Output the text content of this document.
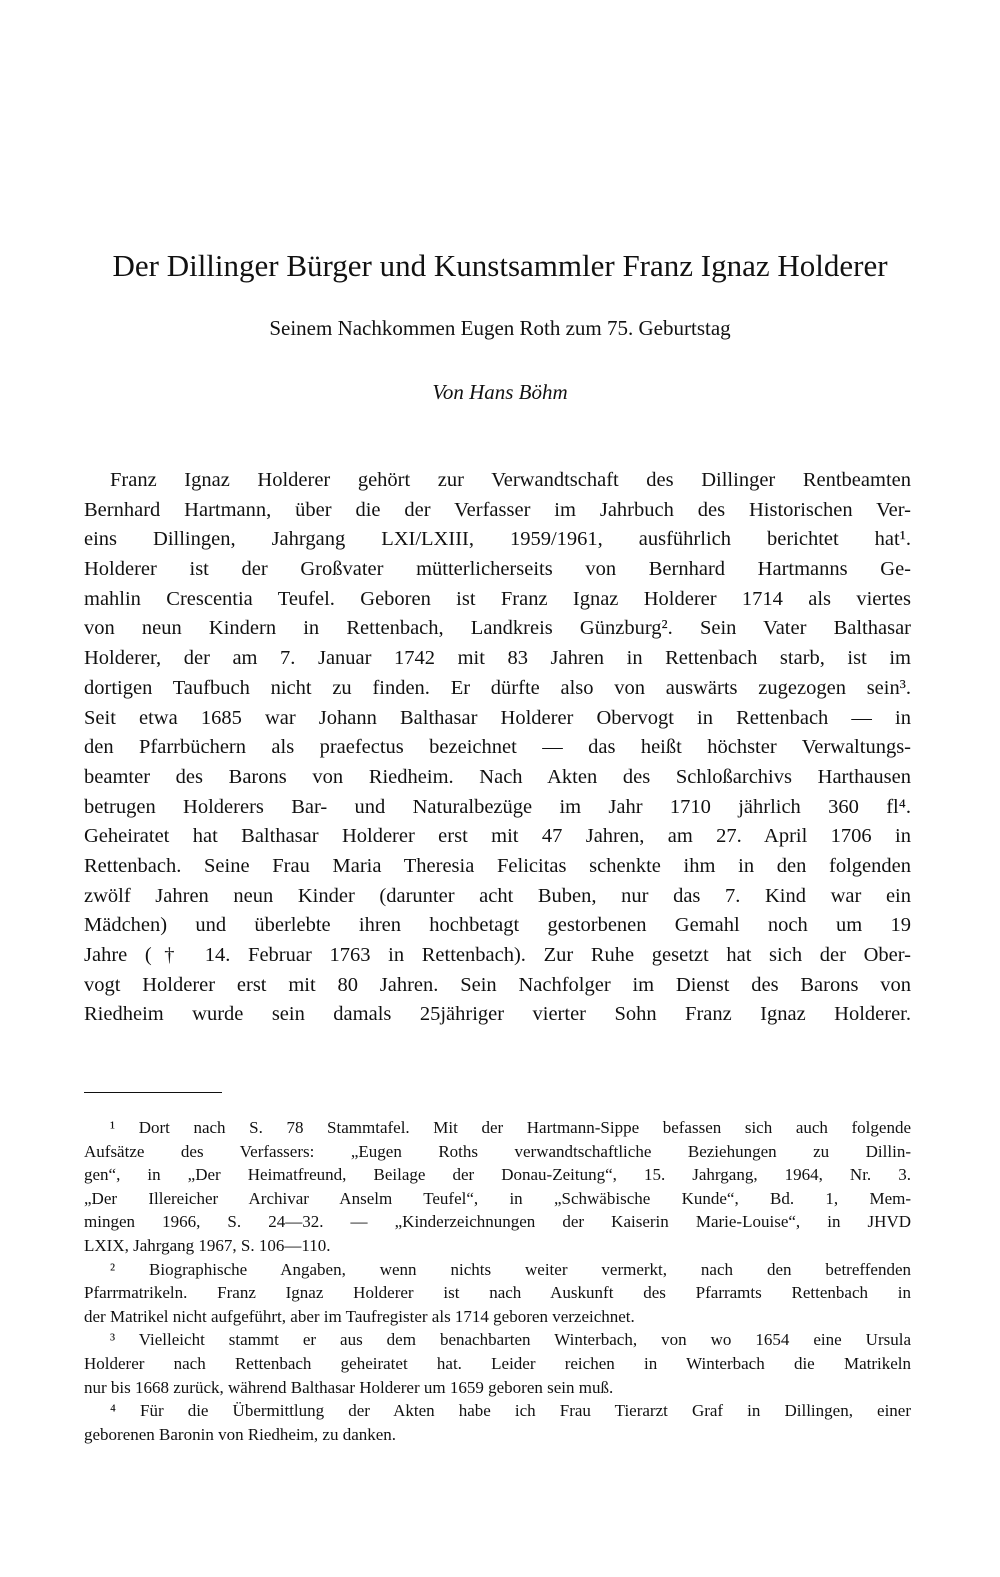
Der Dillinger Bürger und Kunstsammler Franz Ignaz Holderer

Seinem Nachkommen Eugen Roth zum 75. Geburtstag

Von Hans Böhm

Franz Ignaz Holderer gehört zur Verwandtschaft des Dillinger Rentbeamten
Bernhard Hartmann, über die der Verfasser im Jahrbuch des Historischen Ver-
eins Dillingen, Jahrgang LXI/LXIII, 1959/1961, ausführlich berichtet hat¹.
Holderer ist der Großvater mütterlicherseits von Bernhard Hartmanns Ge-
mahlin Crescentia Teufel. Geboren ist Franz Ignaz Holderer 1714 als viertes
von neun Kindern in Rettenbach, Landkreis Günzburg². Sein Vater Balthasar
Holderer, der am 7. Januar 1742 mit 83 Jahren in Rettenbach starb, ist im
dortigen Taufbuch nicht zu finden. Er dürfte also von auswärts zugezogen sein³.
Seit etwa 1685 war Johann Balthasar Holderer Obervogt in Rettenbach — in
den Pfarrbüchern als praefectus bezeichnet — das heißt höchster Verwaltungs-
beamter des Barons von Riedheim. Nach Akten des Schloßarchivs Harthausen
betrugen Holderers Bar- und Naturalbezüge im Jahr 1710 jährlich 360 fl⁴.
Geheiratet hat Balthasar Holderer erst mit 47 Jahren, am 27. April 1706 in
Rettenbach. Seine Frau Maria Theresia Felicitas schenkte ihm in den folgenden
zwölf Jahren neun Kinder (darunter acht Buben, nur das 7. Kind war ein
Mädchen) und überlebte ihren hochbetagt gestorbenen Gemahl noch um 19
Jahre († 14. Februar 1763 in Rettenbach). Zur Ruhe gesetzt hat sich der Ober-
vogt Holderer erst mit 80 Jahren. Sein Nachfolger im Dienst des Barons von
Riedheim wurde sein damals 25jähriger vierter Sohn Franz Ignaz Holderer.
¹ Dort nach S. 78 Stammtafel. Mit der Hartmann-Sippe befassen sich auch folgende
Aufsätze des Verfassers: „Eugen Roths verwandtschaftliche Beziehungen zu Dillin-
gen“, in „Der Heimatfreund, Beilage der Donau-Zeitung“, 15. Jahrgang, 1964, Nr. 3.
„Der Illereicher Archivar Anselm Teufel“, in „Schwäbische Kunde“, Bd. 1, Mem-
mingen 1966, S. 24—32. — „Kinderzeichnungen der Kaiserin Marie-Louise“, in JHVD
LXIX, Jahrgang 1967, S. 106—110.
² Biographische Angaben, wenn nichts weiter vermerkt, nach den betreffenden
Pfarrmatrikeln. Franz Ignaz Holderer ist nach Auskunft des Pfarramts Rettenbach in
der Matrikel nicht aufgeführt, aber im Taufregister als 1714 geboren verzeichnet.
³ Vielleicht stammt er aus dem benachbarten Winterbach, von wo 1654 eine Ursula
Holderer nach Rettenbach geheiratet hat. Leider reichen in Winterbach die Matrikeln
nur bis 1668 zurück, während Balthasar Holderer um 1659 geboren sein muß.
⁴ Für die Übermittlung der Akten habe ich Frau Tierarzt Graf in Dillingen, einer
geborenen Baronin von Riedheim, zu danken.
